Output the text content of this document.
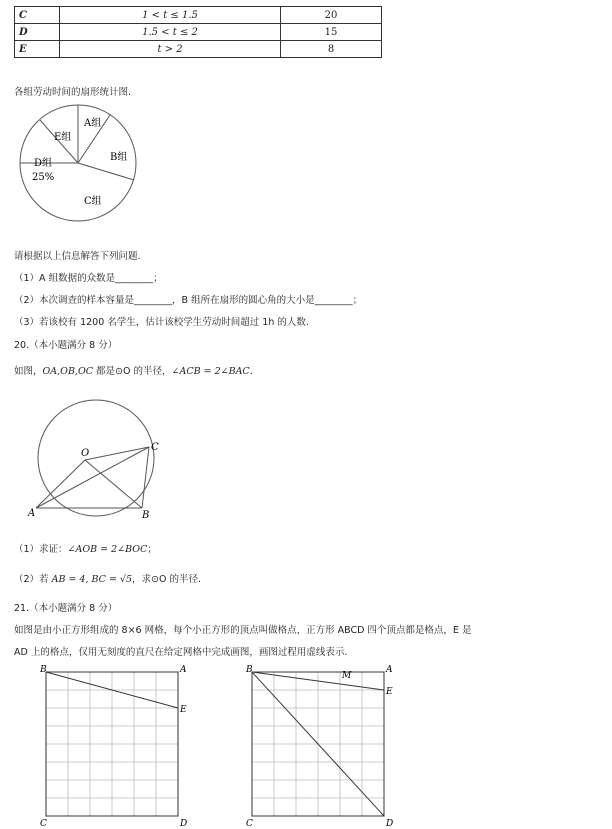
C	1 < t ≤ 1.5	20
D	1.5 < t ≤ 2	15
E	t > 2	8
各组劳动时间的扇形统计图.
A组
B组
C组
D组
25%
E组
请根据以上信息解答下列问题.
（1）A 组数据的众数是________；
（2）本次调查的样本容量是________，B 组所在扇形的圆心角的大小是________；
（3）若该校有 1200 名学生，估计该校学生劳动时间超过 1h 的人数.
20.（本小题满分 8 分）
如图，OA,OB,OC 都是⊙O 的半径，∠ACB = 2∠BAC.
O
C
A	B
（1）求证：∠AOB = 2∠BOC；
（2）若 AB = 4, BC = √5，求⊙O 的半径.
21.（本小题满分 8 分）
如图是由小正方形组成的 8×6 网格，每个小正方形的顶点叫做格点，正方形 ABCD 四个顶点都是格点，E 是
AD 上的格点，仅用无刻度的直尺在给定网格中完成画图，画图过程用虚线表示.
B	A
E
C	D
B	A
M
E
C	D
